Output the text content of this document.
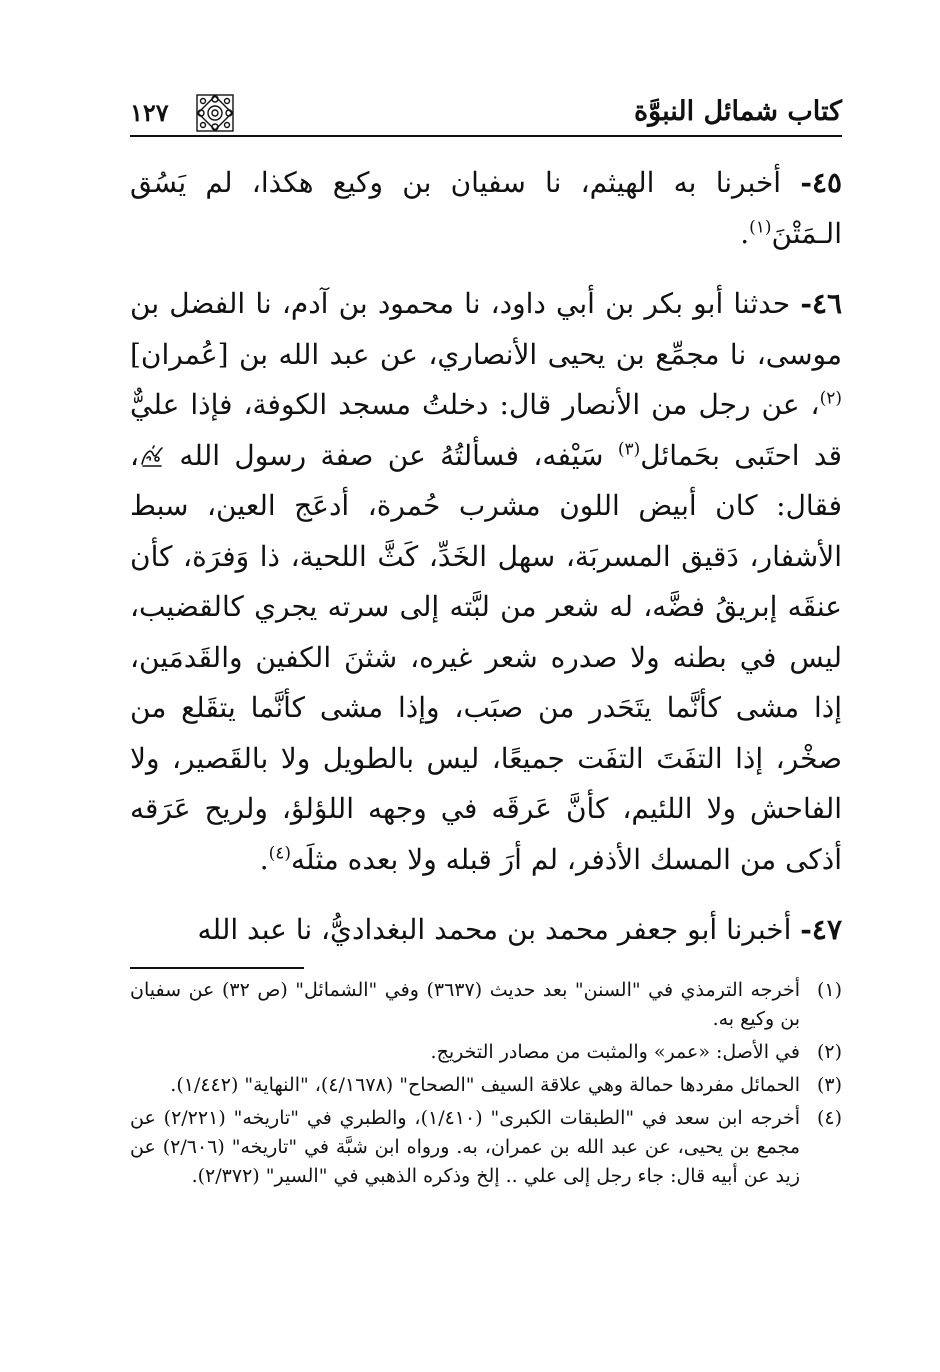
كتاب شمائل النبوَّة
١٢٧

٤٥- أخبرنا به الهيثم، نا سفيان بن وكيع هكذا، لم يَسُق الـمَتْنَ$^{(١)}$.

٤٦- حدثنا أبو بكر بن أبي داود، نا محمود بن آدم، نا الفضل بن موسى، نا مجمِّع بن يحيى الأنصاري، عن عبد الله بن [عُمران]$^{(٢)}$، عن رجل من الأنصار قال: دخلتُ مسجد الكوفة، فإذا عليٌّ قد احتَبى بحَمائل$^{(٣)}$ سَيْفه، فسألتُهُ عن صفة رسول الله ، فقال: كان أبيض اللون مشرب حُمرة، أدعَج العين، سبط الأشفار، دَقيق المسربَة، سهل الخَدِّ، كَثَّ اللحية، ذا وَفرَة، كأن عنقَه إبريقُ فضَّه، له شعر من لبَّته إلى سرته يجري كالقضيب، ليس في بطنه ولا صدره شعر غيره، شثنَ الكفين والقَدمَين، إذا مشى كأنَّما يتَحَدر من صبَب، وإذا مشى كأنَّما يتقَلع من صخْر، إذا التفَتَ التفَت جميعًا، ليس بالطويل ولا بالقَصير، ولا الفاحش ولا اللئيم، كأنَّ عَرقَه في وجهه اللؤلؤ، ولريح عَرَقه أذكى من المسك الأذفر، لم أرَ قبله ولا بعده مثلَه$^{(٤)}$.

٤٧- أخبرنا أبو جعفر محمد بن محمد البغداديُّ، نا عبد الله

(١)
أخرجه الترمذي في "السنن" بعد حديث (٣٦٣٧) وفي "الشمائل" (ص ٣٢) عن سفيان بن وكيع به.
(٢)
في الأصل: «عمر» والمثبت من مصادر التخريج.
(٣)
الحمائل مفردها حمالة وهي علاقة السيف "الصحاح" (٤/١٦٧٨)، "النهاية" (١/٤٤٢).
(٤)
أخرجه ابن سعد في "الطبقات الكبرى" (١/٤١٠)، والطبري في "تاريخه" (٢/٢٢١) عن مجمع بن يحيى، عن عبد الله بن عمران، به. ورواه ابن شبَّة في "تاريخه" (٢/٦٠٦) عن زيد عن أبيه قال: جاء رجل إلى علي .. إلخ وذكره الذهبي في "السير" (٢/٣٧٢).
